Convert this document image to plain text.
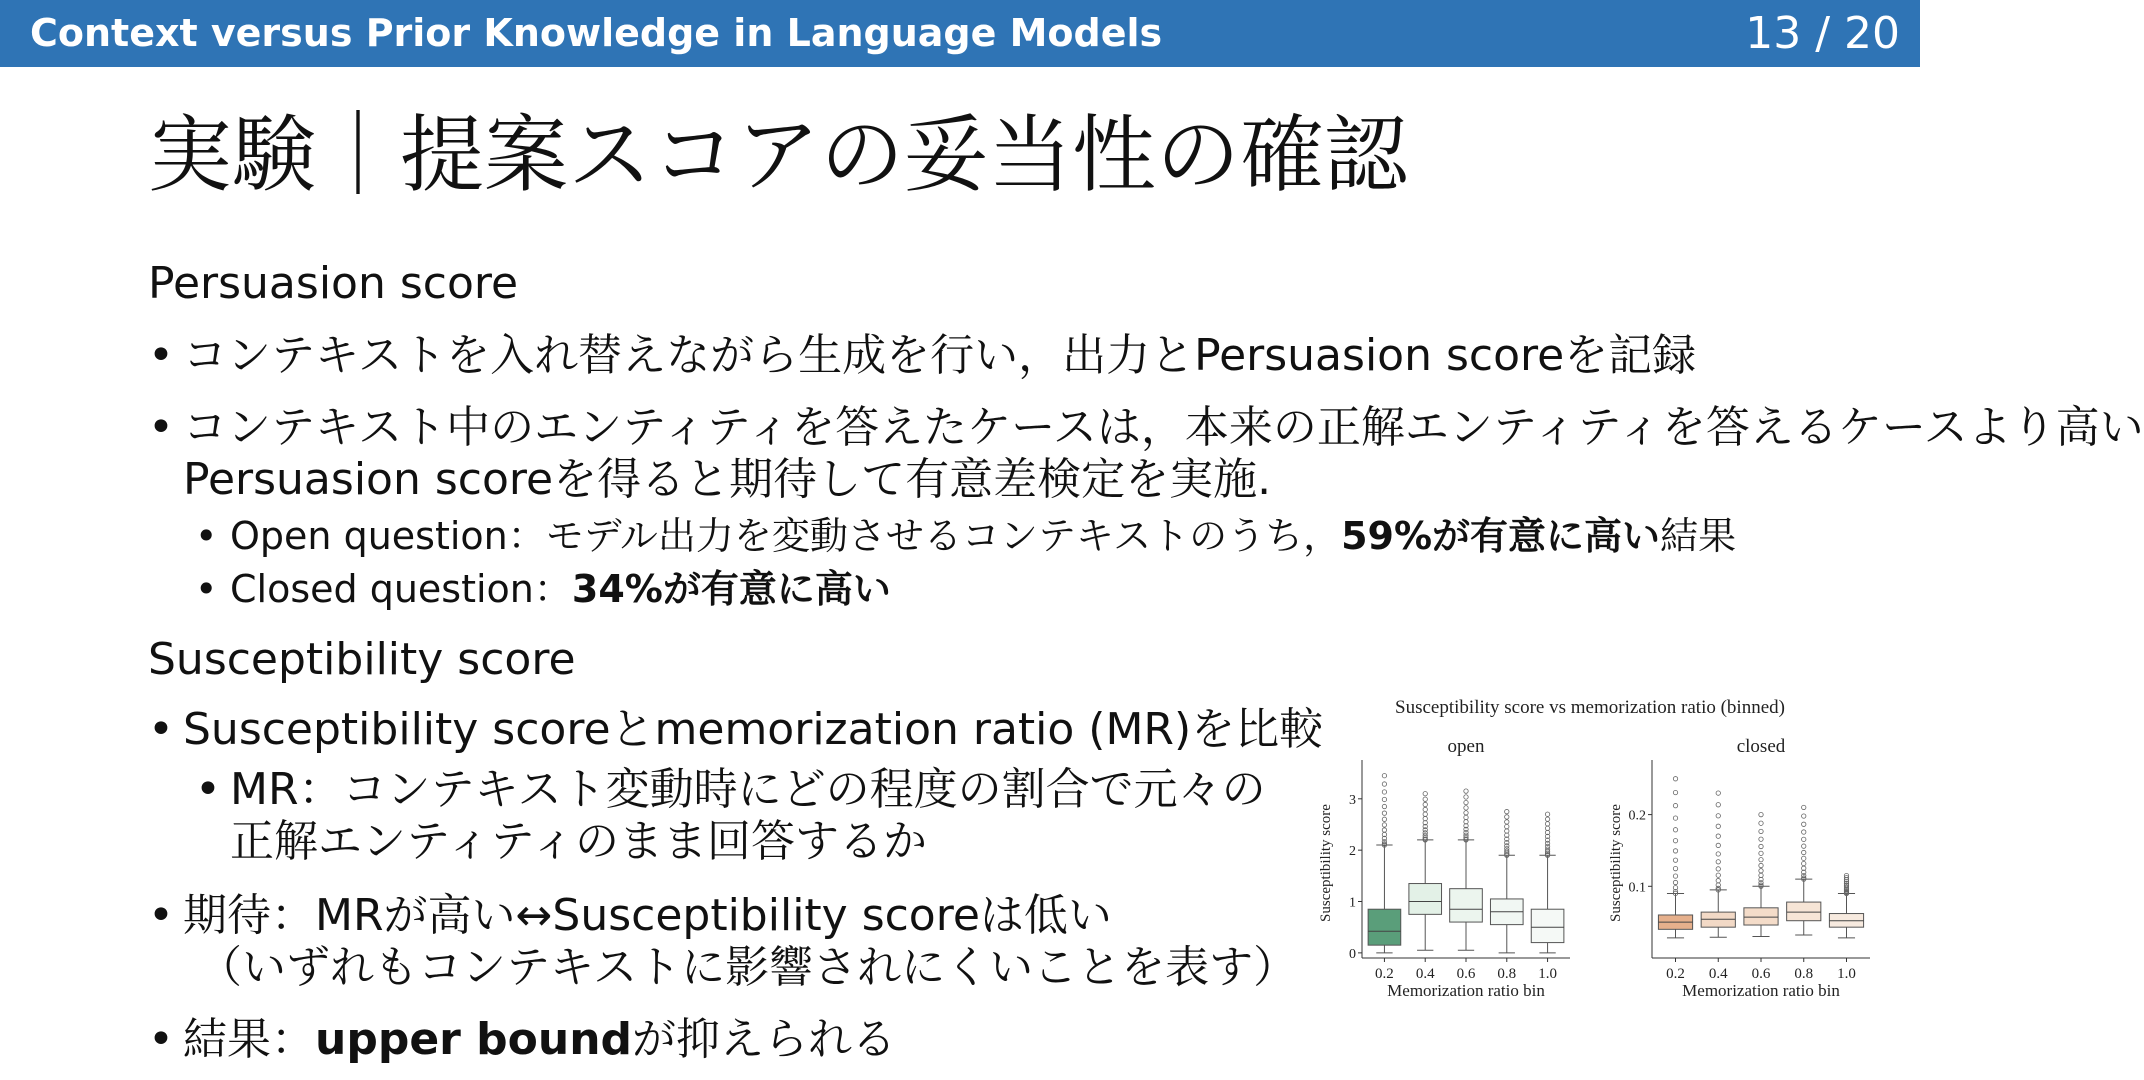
Context versus Prior Knowledge in Language Models	13 / 20
実験｜提案スコアの妥当性の確認
Persuasion score
• コンテキストを入れ替えながら生成を行い，出力とPersuasion scoreを記録
• コンテキスト中のエンティティを答えたケースは，本来の正解エンティティを答えるケースより高い
Persuasion scoreを得ると期待して有意差検定を実施.
• Open question：モデル出力を変動させるコンテキストのうち，59%が有意に高い結果
• Closed question：34%が有意に高い
Susceptibility score
• Susceptibility scoreとmemorization ratio (MR)を比較
• MR：コンテキスト変動時にどの程度の割合で元々の
正解エンティティのまま回答するか
• 期待：MRが高い↔Susceptibility scoreは低い
（いずれもコンテキストに影響されにくいことを表す）
• 結果：upper boundが抑えられる
Susceptibility score vs memorization ratio (binned)
open
0
1
2
3
Susceptibility score
Memorization ratio bin
0.2 0.4 0.6 0.8 1.0
closed
0.1
0.2
Susceptibility score
Memorization ratio bin
0.2 0.4 0.6 0.8 1.0
